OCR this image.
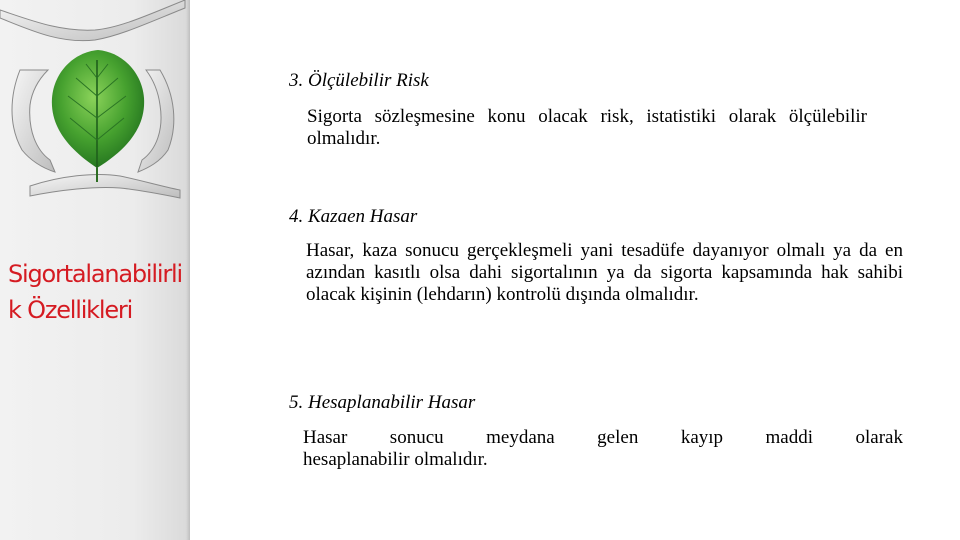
Sigortalanabilirlik Özellikleri

3. Ölçülebilir Risk

Sigorta sözleşmesine konu olacak risk, istatistiki olarak ölçülebilir olmalıdır.

4. Kazaen Hasar

Hasar, kaza sonucu gerçekleşmeli yani tesadüfe dayanıyor olmalı ya da en azından kasıtlı olsa dahi sigortalının ya da sigorta kapsamında hak sahibi olacak kişinin (lehdarın) kontrolü dışında olmalıdır.

5. Hesaplanabilir Hasar

Hasar sonucu meydana gelen kayıp maddi olarak
hesaplanabilir olmalıdır.
